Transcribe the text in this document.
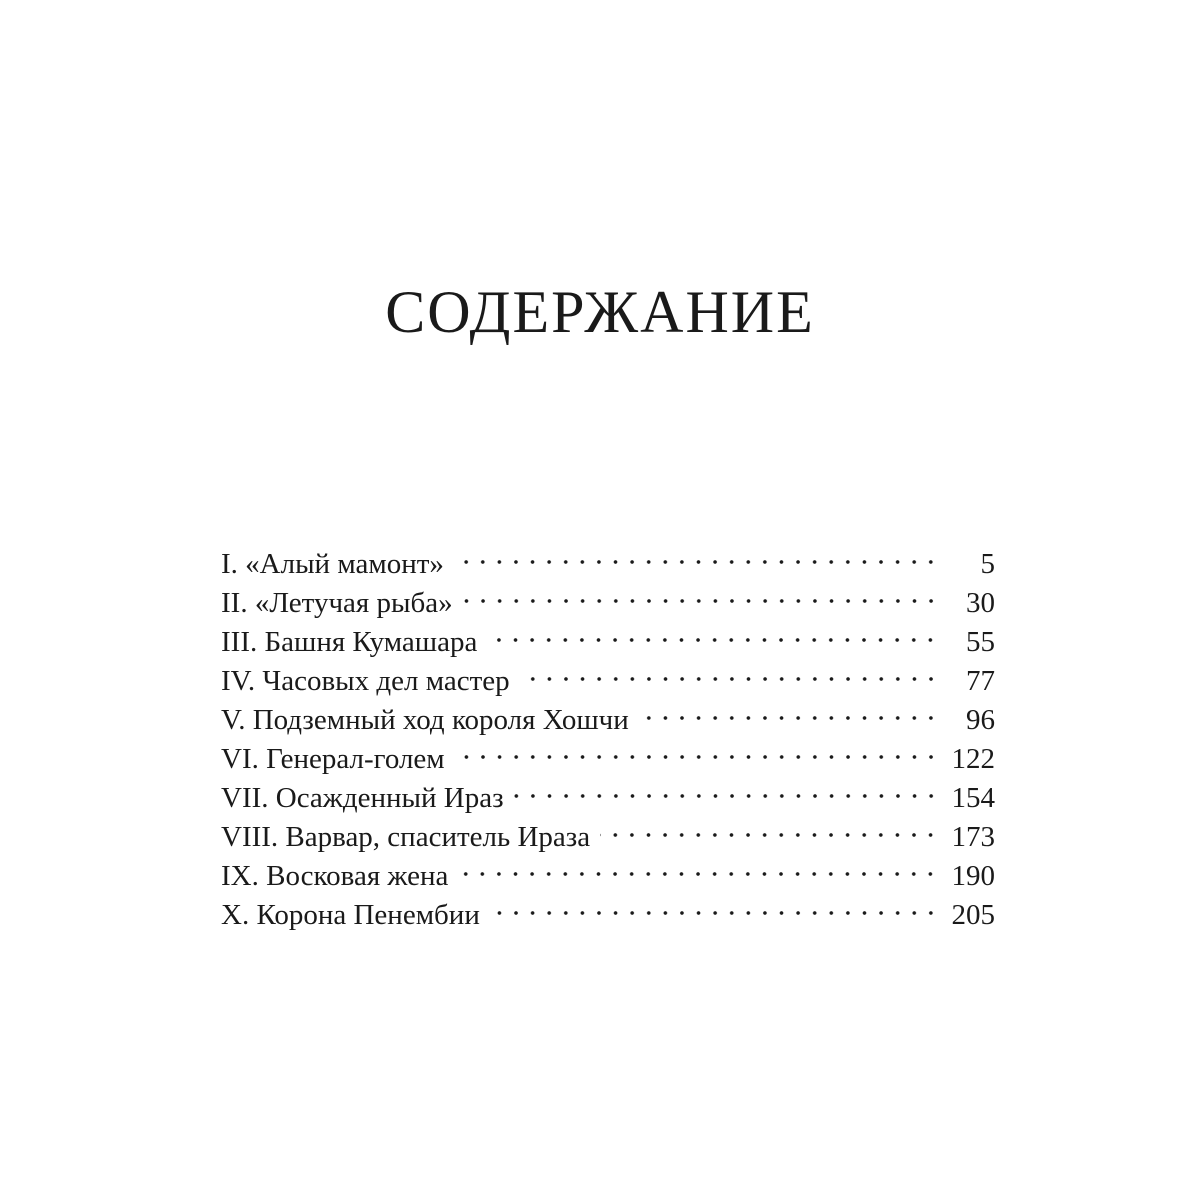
СОДЕРЖАНИЕ
I. «Алый мамонт»	5
II. «Летучая рыба»	30
III. Башня Кумашара	55
IV. Часовых дел мастер	77
V. Подземный ход короля Хошчи	96
VI. Генерал-голем	122
VII. Осажденный Ираз	154
VIII. Варвар, спаситель Ираза	173
IX. Восковая жена	190
X. Корона Пенембии	205
